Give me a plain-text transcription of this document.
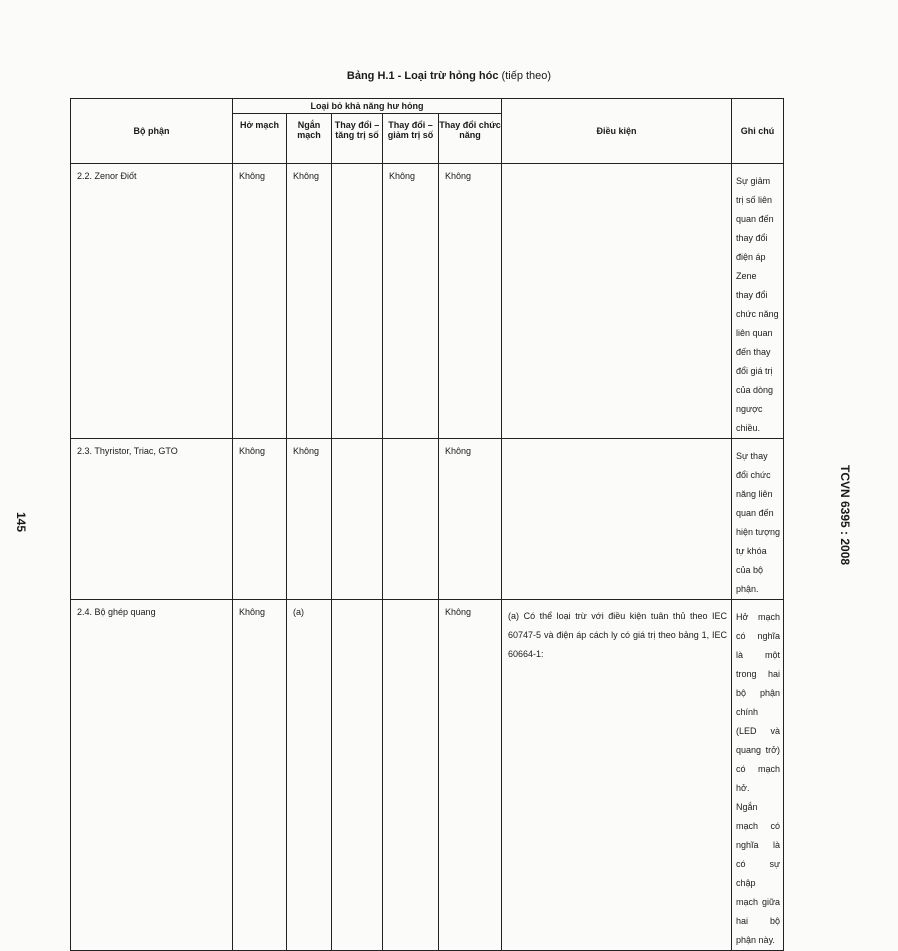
Bảng H.1 - Loại trừ hỏng hóc (tiếp theo)
Bộ phận	Loại bỏ khả năng hư hỏng					Điều kiện	Ghi chú
	Hở mạch	Ngắn mạch	Thay đổi – tăng trị số	Thay đổi – giảm trị số	Thay đổi chức năng		
2.2. Zenor Điốt	Không	Không		Không	Không		Sự giảm trị số liên quan đến thay đổi điện áp Zene
thay đổi chức năng liên quan đến thay đổi giá trị của dòng ngược chiều.

2.3. Thyristor, Triac, GTO	Không	Không			Không		Sự thay đổi chức năng liên quan đến hiện tượng tự khóa của bộ phận.

2.4. Bộ ghép quang	Không	(a)			Không	(a) Có thể loại trừ với điều kiện tuân thủ theo IEC 60747-5 và điện áp cách ly có giá trị theo bảng 1, IEC 60664-1:	Hở mạch có nghĩa là một trong hai bộ phận chính (LED và quang trở) có mạch hở.
Ngắn mạch có nghĩa là có sự chập mạch giữa hai bộ phận này.
TCVN 6395 : 2008
145
